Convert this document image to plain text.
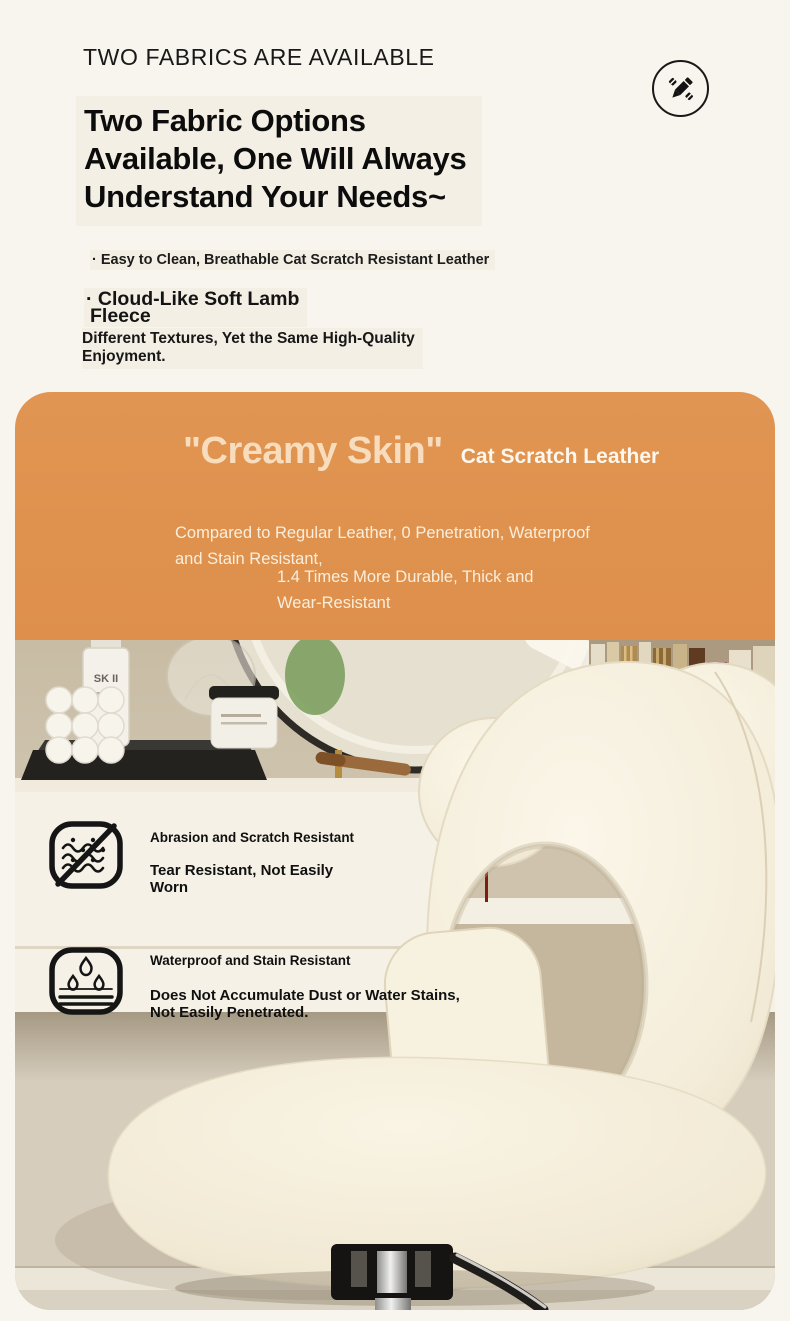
TWO FABRICS ARE AVAILABLE
Two Fabric Options
Available, One Will Always
Understand Your Needs~
· Easy to Clean, Breathable Cat Scratch Resistant Leather
· Cloud-Like Soft Lamb
Fleece
Different Textures, Yet the Same High-Quality
Enjoyment.
"Creamy Skin" Cat Scratch Leather
Compared to Regular Leather, 0 Penetration, Waterproof
and Stain Resistant,
1.4 Times More Durable, Thick and
Wear-Resistant
SK II
Abrasion and Scratch Resistant
Tear Resistant, Not Easily
Worn
Waterproof and Stain Resistant
Does Not Accumulate Dust or Water Stains,
Not Easily Penetrated.
